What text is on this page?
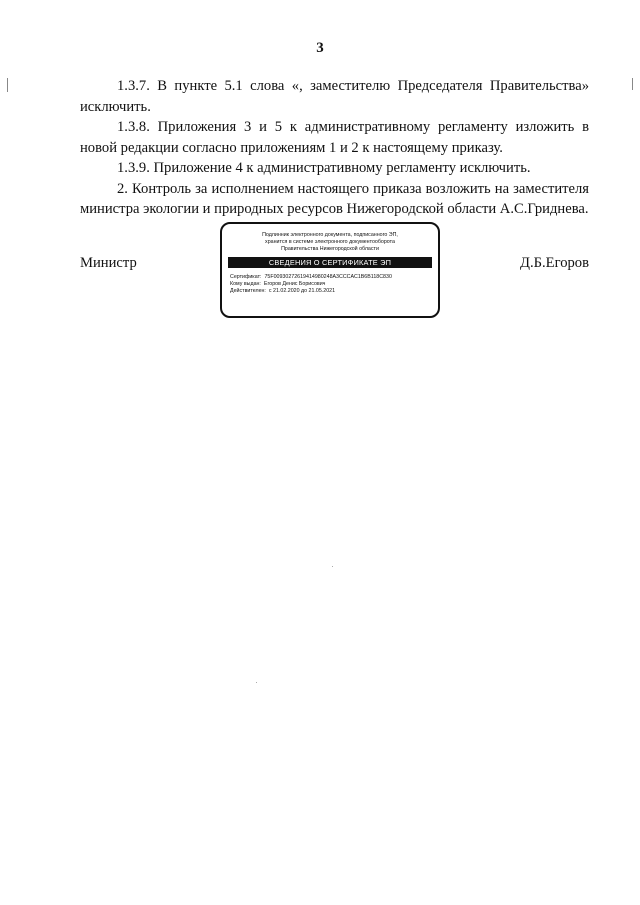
3

1.3.7. В пункте 5.1 слова «, заместителю Председателя Правительства» исключить.

1.3.8. Приложения 3 и 5 к административному регламенту изложить в новой редакции согласно приложениям 1 и 2 к настоящему приказу.

1.3.9. Приложение 4 к административному регламенту исключить.

2. Контроль за исполнением настоящего приказа возложить на заместителя министра экологии и природных ресурсов Нижегородской области А.С.Гриднева.

Министр	Д.Б.Егоров
Подлинник электронного документа, подписанного ЭП,
хранится в системе электронного документооборота
Правительства Нижегородской области
СВЕДЕНИЯ О СЕРТИФИКАТЕ ЭП
Сертификат: 75F00930272619414980248A3CCCAC1B6B118C830
Кому выдан: Егоров Денис Борисович
Действителен: с 21.02.2020 до 21.05.2021
